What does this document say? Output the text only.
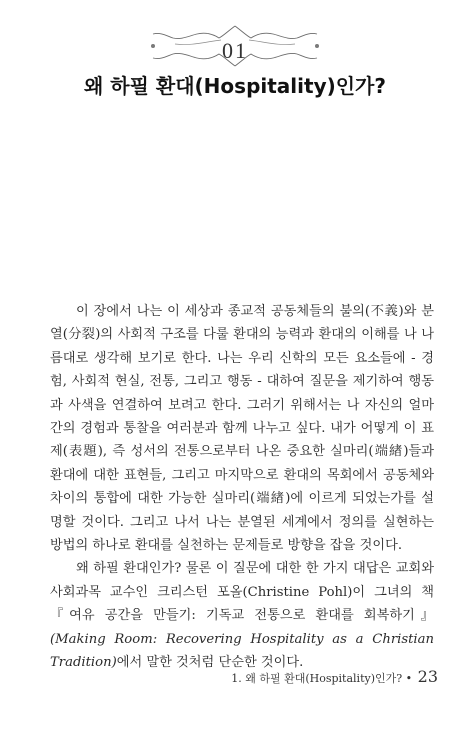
01
왜 하필 환대(Hospitality)인가?

이 장에서 나는 이 세상과 종교적 공동체들의 불의(不義)와 분열(分裂)의 사회적 구조를 다룰 환대의 능력과 환대의 이해를 나 나름대로 생각해 보기로 한다. 나는 우리 신학의 모든 요소들에 - 경험, 사회적 현실, 전통, 그리고 행동 - 대하여 질문을 제기하여 행동과 사색을 연결하여 보려고 한다. 그러기 위해서는 나 자신의 얼마 간의 경험과 통찰을 여러분과 함께 나누고 싶다. 내가 어떻게 이 표제(表題), 즉 성서의 전통으로부터 나온 중요한 실마리(端緖)들과 환대에 대한 표현들, 그리고 마지막으로 환대의 목회에서 공동체와 차이의 통합에 대한 가능한 실마리(端緖)에 이르게 되었는가를 설명할 것이다. 그리고 나서 나는 분열된 세계에서 정의를 실현하는 방법의 하나로 환대를 실천하는 문제들로 방향을 잡을 것이다.

왜 하필 환대인가? 물론 이 질문에 대한 한 가지 대답은 교회와 사회과목 교수인 크리스턴 포올(Christine Pohl)이 그녀의 책 『여유 공간을 만들기: 기독교 전통으로 환대를 회복하기』(Making Room: Recovering Hospitality as a Christian Tradition)에서 말한 것처럼 단순한 것이다.

1. 왜 하필 환대(Hospitality)인가? • 23
